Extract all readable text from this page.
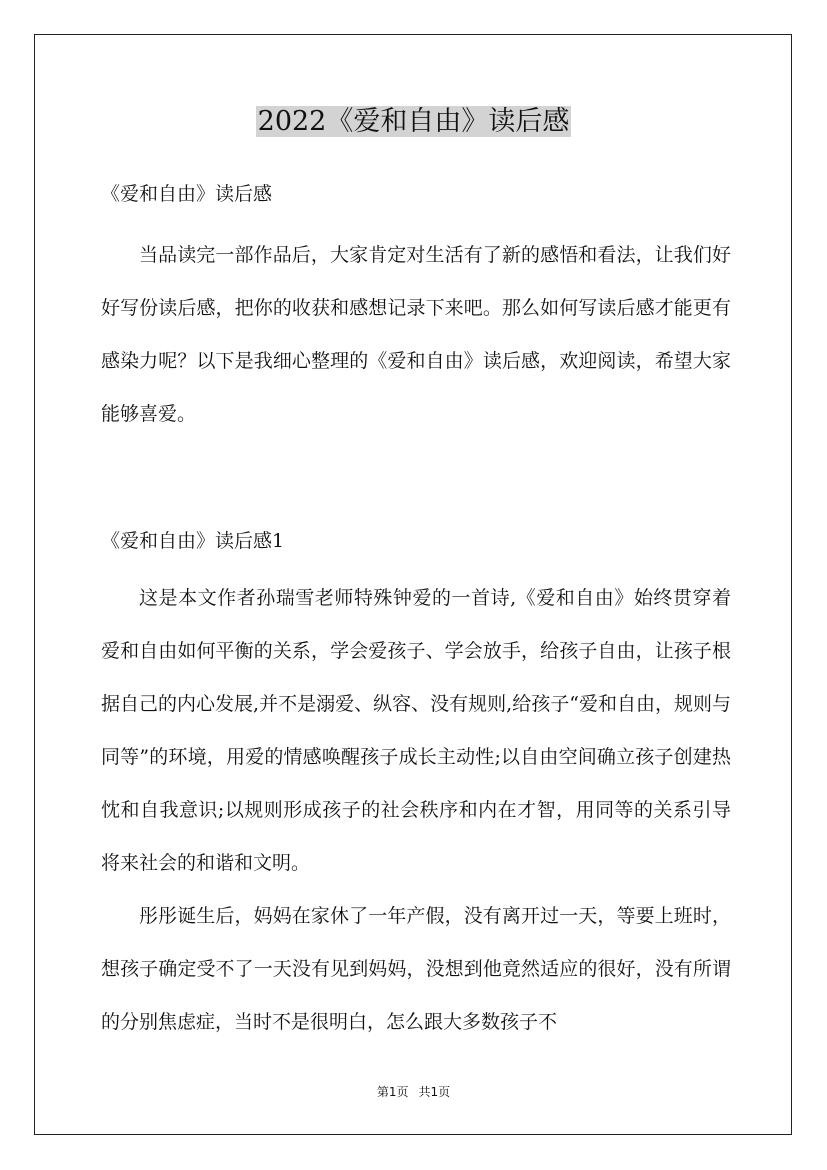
2022《爱和自由》读后感

《爱和自由》读后感

当品读完一部作品后，大家肯定对生活有了新的感悟和看法，让我们好好写份读后感，把你的收获和感想记录下来吧。那么如何写读后感才能更有感染力呢？以下是我细心整理的《爱和自由》读后感，欢迎阅读，希望大家能够喜爱。

《爱和自由》读后感1

这是本文作者孙瑞雪老师特殊钟爱的一首诗,《爱和自由》始终贯穿着爱和自由如何平衡的关系，学会爱孩子、学会放手，给孩子自由，让孩子根据自己的内心发展,并不是溺爱、纵容、没有规则,给孩子“爱和自由，规则与同等”的环境，用爱的情感唤醒孩子成长主动性;以自由空间确立孩子创建热忱和自我意识;以规则形成孩子的社会秩序和内在才智，用同等的关系引导将来社会的和谐和文明。

彤彤诞生后，妈妈在家休了一年产假，没有离开过一天，等要上班时，想孩子确定受不了一天没有见到妈妈，没想到他竟然适应的很好，没有所谓的分别焦虑症，当时不是很明白，怎么跟大多数孩子不

第1页 共1页
